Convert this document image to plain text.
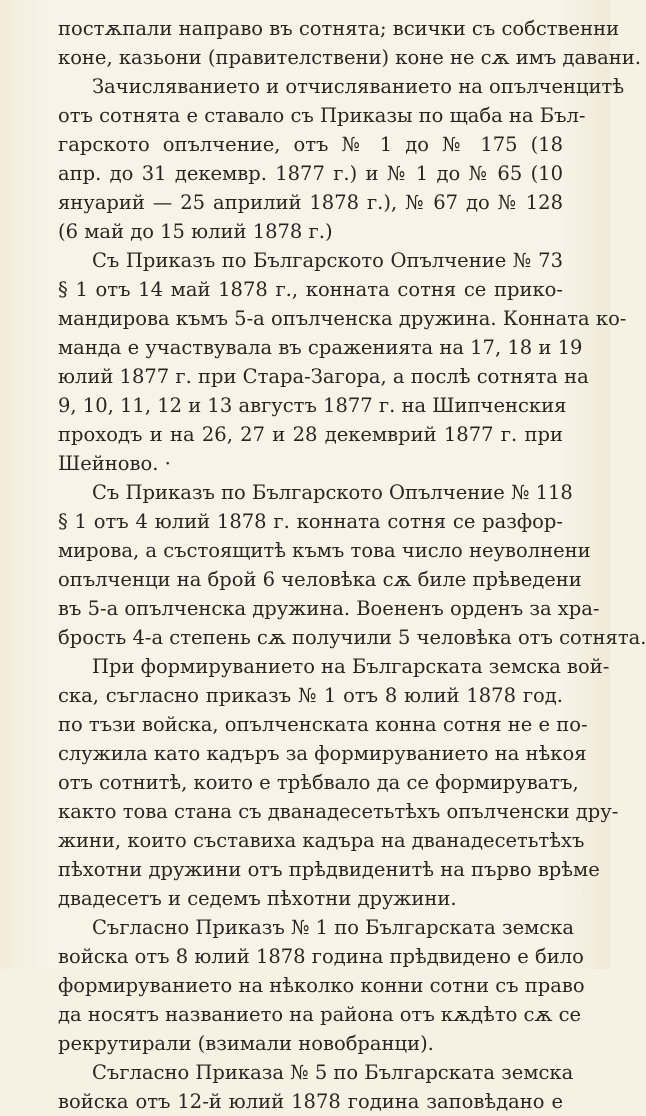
постѫпали направо въ сотнята; всички съ собственни
коне, казьони (правителствени) коне не сѫ имъ давани.
Зачисляванието и отчисляванието на опълченцитѣ
отъ сотнята е ставало съ Приказы по щаба на Бъл-
гарското опълчение, отъ № 1 до № 175 (18
апр. до 31 декемвр. 1877 г.) и № 1 до № 65 (10
януарий — 25 априлий 1878 г.), № 67 до № 128
(6 май до 15 юлий 1878 г.)
Съ Приказъ по Българското Опълчение № 73
§ 1 отъ 14 май 1878 г., конната сотня се прико-
мандирова къмъ 5-а опълченска дружина. Конната ко-
манда е участвувала въ сраженията на 17, 18 и 19
юлий 1877 г. при Стара-Загора, а послѣ сотнята на
9, 10, 11, 12 и 13 августъ 1877 г. на Шипченския
проходъ и на 26, 27 и 28 декемврий 1877 г. при
Шейново. ·
Съ Приказъ по Българското Опълчение № 118
§ 1 отъ 4 юлий 1878 г. конната сотня се разфор-
мирова, а състоящитѣ къмъ това число неуволнени
опълченци на брой 6 человѣка сѫ биле прѣведени
въ 5-а опълченска дружина. Воененъ орденъ за хра-
брость 4-а степень сѫ получили 5 человѣка отъ сотнята.
При формируванието на Българската земска вой-
ска, съгласно приказъ № 1 отъ 8 юлий 1878 год.
по тъзи войска, опълченската конна сотня не е по-
служила като кадъръ за формируванието на нѣкоя
отъ сотнитѣ, които е трѣбвало да се формируватъ,
както това стана съ дванадесетьтѣхъ опълченски дру-
жини, които съставиха кадъра на дванадесетьтѣхъ
пѣхотни дружини отъ прѣдвиденитѣ на първо врѣме
двадесетъ и седемъ пѣхотни дружини.
Съгласно Приказъ № 1 по Българската земска
войска отъ 8 юлий 1878 година прѣдвидено е било
формируванието на нѣколко конни сотни съ право
да носятъ названието на района отъ кѫдѣто сѫ се
рекрутирали (взимали новобранци).
Съгласно Приказа № 5 по Българската земска
войска отъ 12-й юлий 1878 година заповѣдано е
